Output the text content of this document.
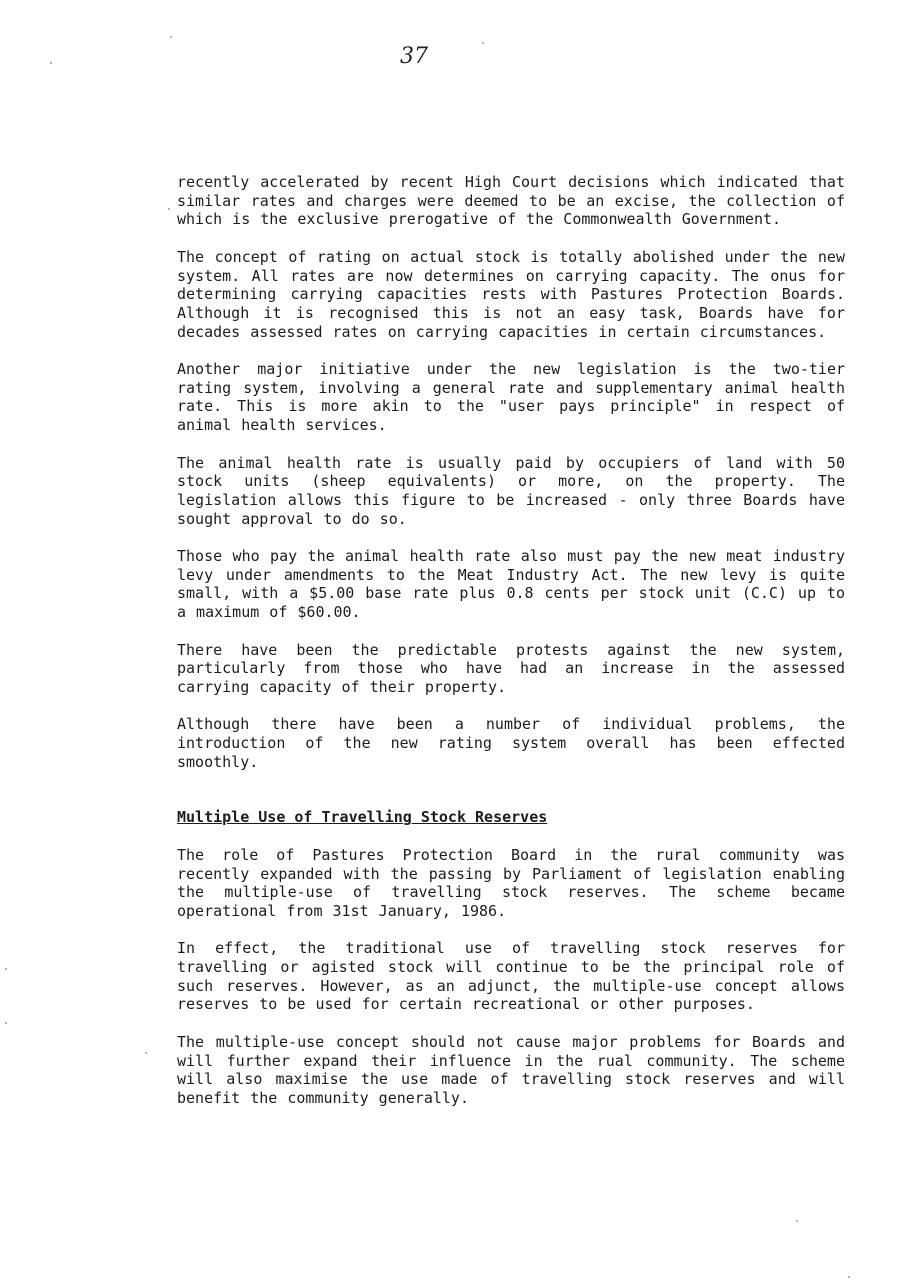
37

recently accelerated by recent High Court decisions which indicated that similar rates and charges were deemed to be an excise, the collection of which is the exclusive prerogative of the Commonwealth Government.

The concept of rating on actual stock is totally abolished under the new system. All rates are now determines on carrying capacity. The onus for determining carrying capacities rests with Pastures Protection Boards. Although it is recognised this is not an easy task, Boards have for decades assessed rates on carrying capacities in certain circumstances.

Another major initiative under the new legislation is the two-tier rating system, involving a general rate and supplementary animal health rate. This is more akin to the "user pays principle" in respect of animal health services.

The animal health rate is usually paid by occupiers of land with 50 stock units (sheep equivalents) or more, on the property. The legislation allows this figure to be increased - only three Boards have sought approval to do so.

Those who pay the animal health rate also must pay the new meat industry levy under amendments to the Meat Industry Act. The new levy is quite small, with a $5.00 base rate plus 0.8 cents per stock unit (C.C) up to a maximum of $60.00.

There have been the predictable protests against the new system, particularly from those who have had an increase in the assessed carrying capacity of their property.

Although there have been a number of individual problems, the introduction of the new rating system overall has been effected smoothly.

Multiple Use of Travelling Stock Reserves

The role of Pastures Protection Board in the rural community was recently expanded with the passing by Parliament of legislation enabling the multiple-use of travelling stock reserves. The scheme became operational from 31st January, 1986.

In effect, the traditional use of travelling stock reserves for travelling or agisted stock will continue to be the principal role of such reserves. However, as an adjunct, the multiple-use concept allows reserves to be used for certain recreational or other purposes.

The multiple-use concept should not cause major problems for Boards and will further expand their influence in the rual community. The scheme will also maximise the use made of travelling stock reserves and will benefit the community generally.
